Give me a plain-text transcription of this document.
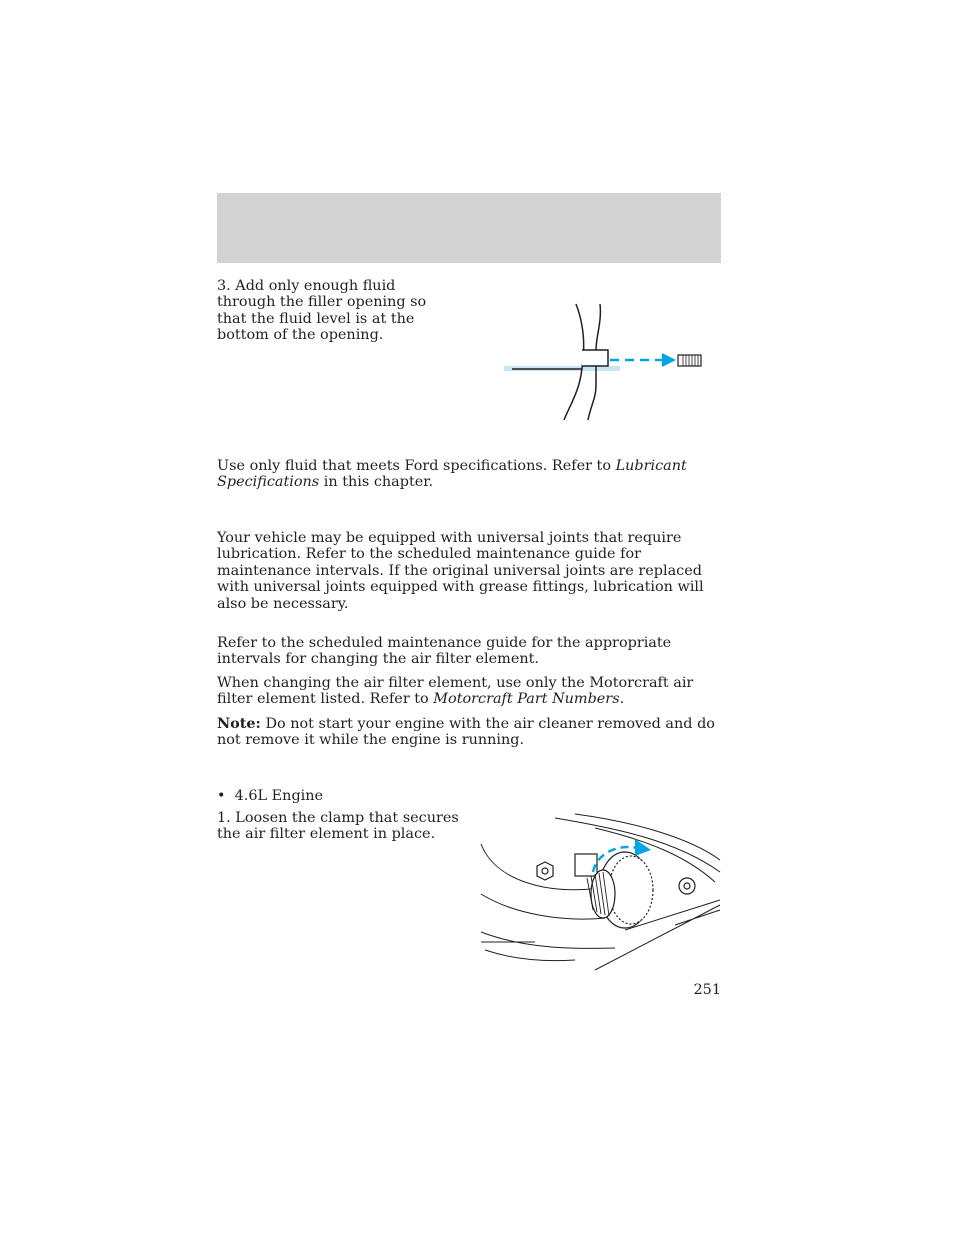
3. Add only enough fluid through the filler opening so that the fluid level is at the bottom of the opening.

Use only fluid that meets Ford specifications. Refer to Lubricant Specifications in this chapter.

Your vehicle may be equipped with universal joints that require lubrication. Refer to the scheduled maintenance guide for maintenance intervals. If the original universal joints are replaced with universal joints equipped with grease fittings, lubrication will also be necessary.

Refer to the scheduled maintenance guide for the appropriate intervals for changing the air filter element.

When changing the air filter element, use only the Motorcraft air filter element listed. Refer to Motorcraft Part Numbers.

Note: Do not start your engine with the air cleaner removed and do not remove it while the engine is running.

• 4.6L Engine

1. Loosen the clamp that secures the air filter element in place.

251
